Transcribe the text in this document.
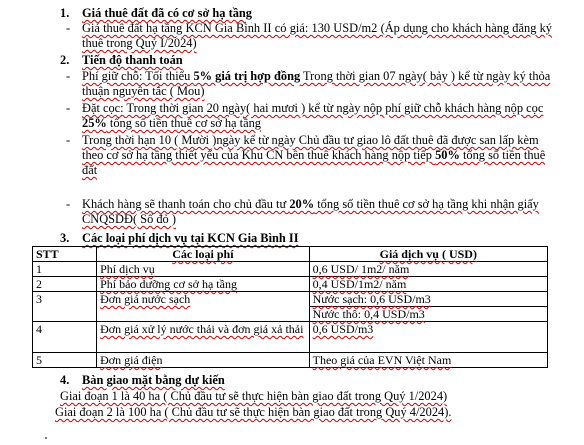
1. Giá thuê đất đã có cơ sở hạ tầng
- Giá thuê đất hạ tầng KCN Gia Bình II có giá: 130 USD/m2 (Áp dụng cho khách hàng đăng ký thuê trong Quý I/2024)
2. Tiến độ thanh toán
- Phí giữ chỗ: Tối thiểu 5% giá trị hợp đồng Trong thời gian 07 ngày( bảy ) kể từ ngày ký thỏa thuận nguyên tắc ( Mou)
- Đặt cọc: Trong thời gian 20 ngày( hai mươi ) kể từ ngày nộp phí giữ chỗ khách hàng nộp cọc 25% tổng số tiền thuê cơ sở hạ tầng
- Trong thời hạn 10 ( Mười )ngày kể từ ngày Chủ đầu tư giao lô đất thuê đã được san lấp kèm theo cơ sở hạ tầng thiết yếu của Khu CN bên thuê khách hàng nộp tiếp 50% tổng số tiền thuê đất
- Khách hàng sẽ thanh toán cho chủ đầu tư 20% tổng số tiền thuê cơ sở hạ tầng khi nhận giấy CNQSDĐ( Sổ đỏ )
3. Các loại phí dịch vụ tại KCN Gia Bình II
STT	Các loại phí	Giá dịch vụ ( USD)
1	Phí dịch vụ	0,6 USD/ 1m2/ năm
2	Phí bảo dưỡng cơ sở hạ tầng	0,4 USD/1m2/ năm
3	Đơn giá nước sạch	Nước sạch: 0,6 USD/m3
		Nước thô: 0,4 USD/m3
4	Đơn giá xử lý nước thải và đơn giá xả thải	0,6 USD/m3
5	Đơn giá điện	Theo giá của EVN Việt Nam
4. Bàn giao mặt bằng dự kiến
Giai đoạn 1 là 40 ha ( Chủ đầu tư sẽ thực hiện bàn giao đất trong Quý 1/2024)
Giai đoạn 2 là 100 ha ( Chủ đầu tư sẽ thực hiện bàn giao đất trong Quý 4/2024).
